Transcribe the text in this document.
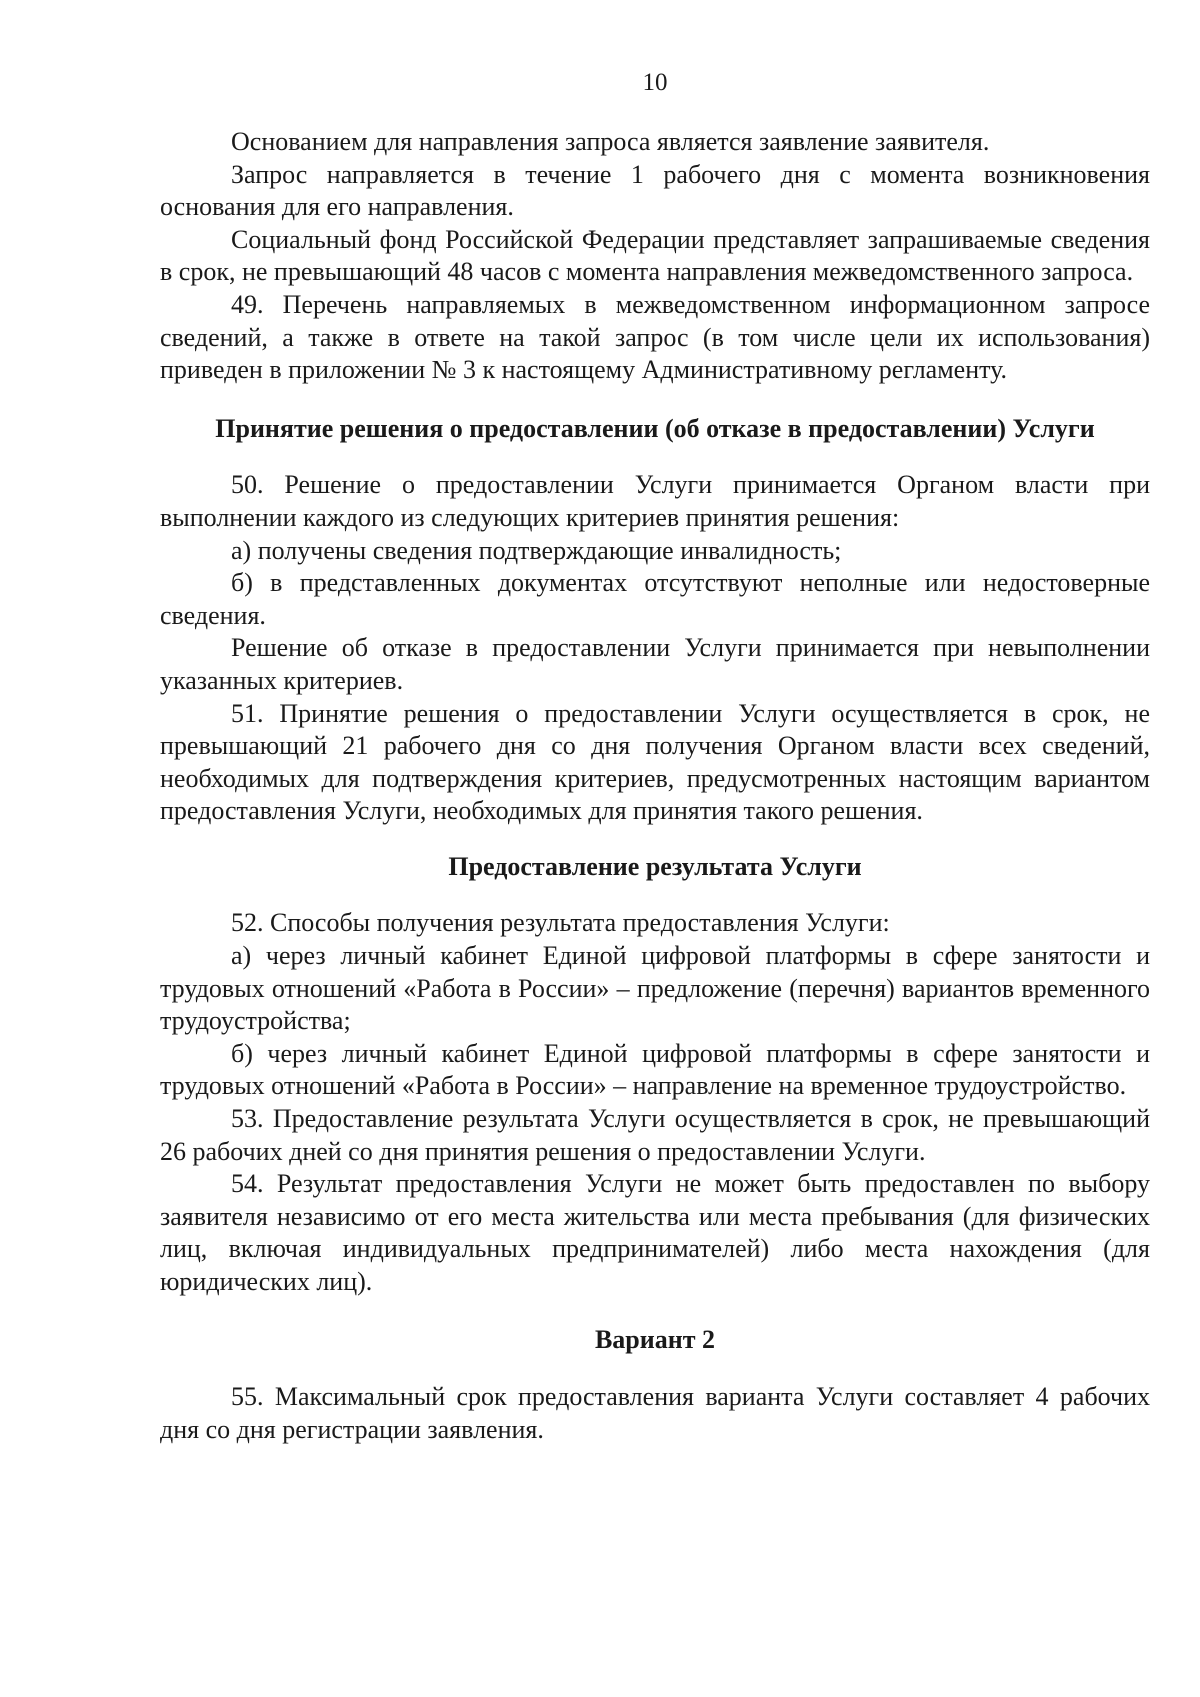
10

Основанием для направления запроса является заявление заявителя.

Запрос направляется в течение 1 рабочего дня с момента возникновения основания для его направления.

Социальный фонд Российской Федерации представляет запрашиваемые сведения в срок, не превышающий 48 часов с момента направления межведомственного запроса.

49. Перечень направляемых в межведомственном информационном запросе сведений, а также в ответе на такой запрос (в том числе цели их использования) приведен в приложении № 3 к настоящему Административному регламенту.

Принятие решения о предоставлении (об отказе в предоставлении) Услуги

50. Решение о предоставлении Услуги принимается Органом власти при выполнении каждого из следующих критериев принятия решения:

а) получены сведения подтверждающие инвалидность;

б) в представленных документах отсутствуют неполные или недостоверные сведения.

Решение об отказе в предоставлении Услуги принимается при невыполнении указанных критериев.

51. Принятие решения о предоставлении Услуги осуществляется в срок, не превышающий 21 рабочего дня со дня получения Органом власти всех сведений, необходимых для подтверждения критериев, предусмотренных настоящим вариантом предоставления Услуги, необходимых для принятия такого решения.

Предоставление результата Услуги

52. Способы получения результата предоставления Услуги:

а) через личный кабинет Единой цифровой платформы в сфере занятости и трудовых отношений «Работа в России» – предложение (перечня) вариантов временного трудоустройства;

б) через личный кабинет Единой цифровой платформы в сфере занятости и трудовых отношений «Работа в России» – направление на временное трудоустройство.

53. Предоставление результата Услуги осуществляется в срок, не превышающий 26 рабочих дней со дня принятия решения о предоставлении Услуги.

54. Результат предоставления Услуги не может быть предоставлен по выбору заявителя независимо от его места жительства или места пребывания (для физических лиц, включая индивидуальных предпринимателей) либо места нахождения (для юридических лиц).

Вариант 2

55. Максимальный срок предоставления варианта Услуги составляет 4 рабочих дня со дня регистрации заявления.
